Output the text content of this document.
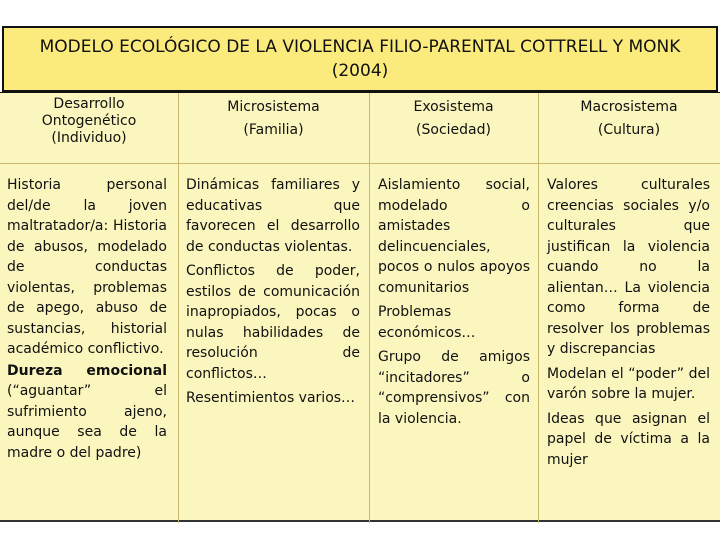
MODELO ECOLÓGICO DE LA VIOLENCIA FILIO-PARENTAL COTTRELL Y MONK
(2004)
Desarrollo
Ontogenético
(Individuo)
Microsistema
(Familia)
Exosistema
(Sociedad)
Macrosistema
(Cultura)

Historia personal del/de la joven maltratador/a: Historia de abusos, modelado de conductas violentas, problemas de apego, abuso de sustancias, historial académico conflictivo.

Dureza emocional (“aguantar” el sufrimiento ajeno, aunque sea de la madre o del padre)

Dinámicas familiares y educativas que favorecen el desarrollo de conductas violentas.

Conflictos de poder, estilos de comunicación inapropiados, pocas o nulas habilidades de resolución de conflictos…

Resentimientos varios…

Aislamiento social, modelado o amistades delincuenciales, pocos o nulos apoyos comunitarios

Problemas económicos…

Grupo de amigos “incitadores” o “comprensivos” con la violencia.

Valores culturales creencias sociales y/o culturales que justifican la violencia cuando no la alientan… La violencia como forma de resolver los problemas y discrepancias

Modelan el “poder” del varón sobre la mujer.

Ideas que asignan el papel de víctima a la mujer
